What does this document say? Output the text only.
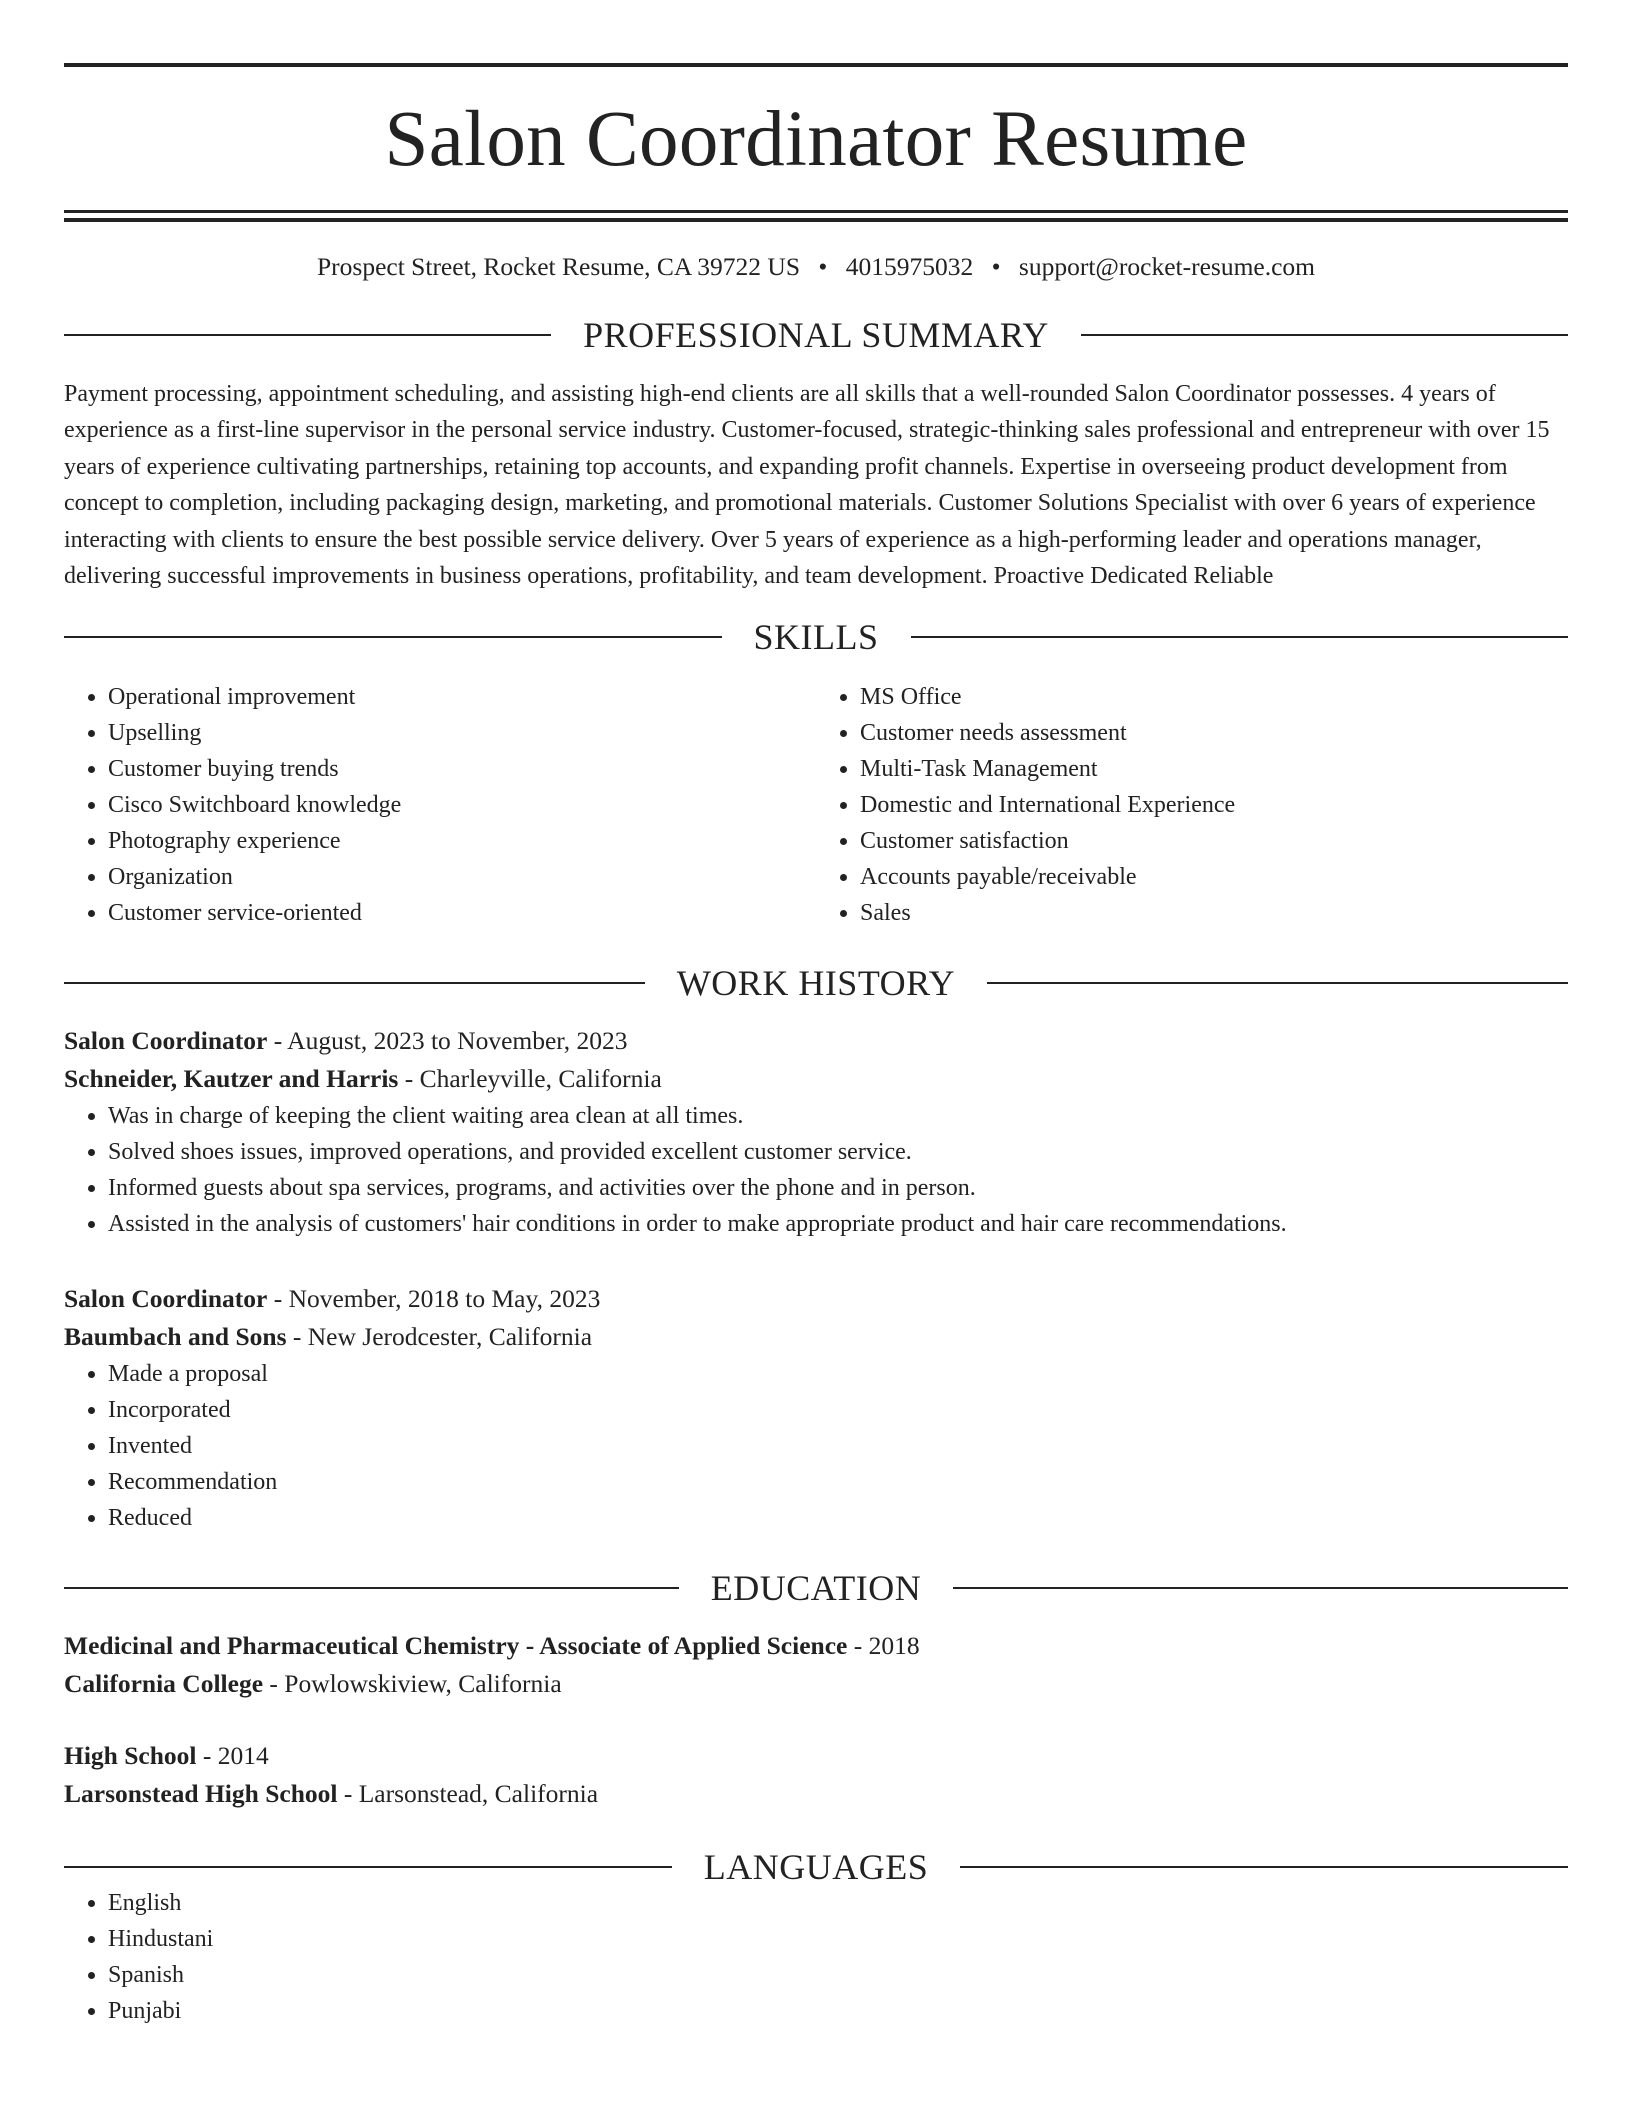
Salon Coordinator Resume
Prospect Street, Rocket Resume, CA 39722 US • 4015975032 • support@rocket-resume.com
PROFESSIONAL SUMMARY
Payment processing, appointment scheduling, and assisting high-end clients are all skills that a well-rounded Salon Coordinator possesses. 4 years of experience as a first-line supervisor in the personal service industry. Customer-focused, strategic-thinking sales professional and entrepreneur with over 15 years of experience cultivating partnerships, retaining top accounts, and expanding profit channels. Expertise in overseeing product development from concept to completion, including packaging design, marketing, and promotional materials. Customer Solutions Specialist with over 6 years of experience interacting with clients to ensure the best possible service delivery. Over 5 years of experience as a high-performing leader and operations manager, delivering successful improvements in business operations, profitability, and team development. Proactive Dedicated Reliable
SKILLS
• Operational improvement
• Upselling
• Customer buying trends
• Cisco Switchboard knowledge
• Photography experience
• Organization
• Customer service-oriented
• MS Office
• Customer needs assessment
• Multi-Task Management
• Domestic and International Experience
• Customer satisfaction
• Accounts payable/receivable
• Sales
WORK HISTORY
Salon Coordinator - August, 2023 to November, 2023
Schneider, Kautzer and Harris - Charleyville, California
• Was in charge of keeping the client waiting area clean at all times.
• Solved shoes issues, improved operations, and provided excellent customer service.
• Informed guests about spa services, programs, and activities over the phone and in person.
• Assisted in the analysis of customers' hair conditions in order to make appropriate product and hair care recommendations.
Salon Coordinator - November, 2018 to May, 2023
Baumbach and Sons - New Jerodcester, California
• Made a proposal
• Incorporated
• Invented
• Recommendation
• Reduced
EDUCATION
Medicinal and Pharmaceutical Chemistry - Associate of Applied Science - 2018
California College - Powlowskiview, California
High School - 2014
Larsonstead High School - Larsonstead, California
LANGUAGES
• English
• Hindustani
• Spanish
• Punjabi
